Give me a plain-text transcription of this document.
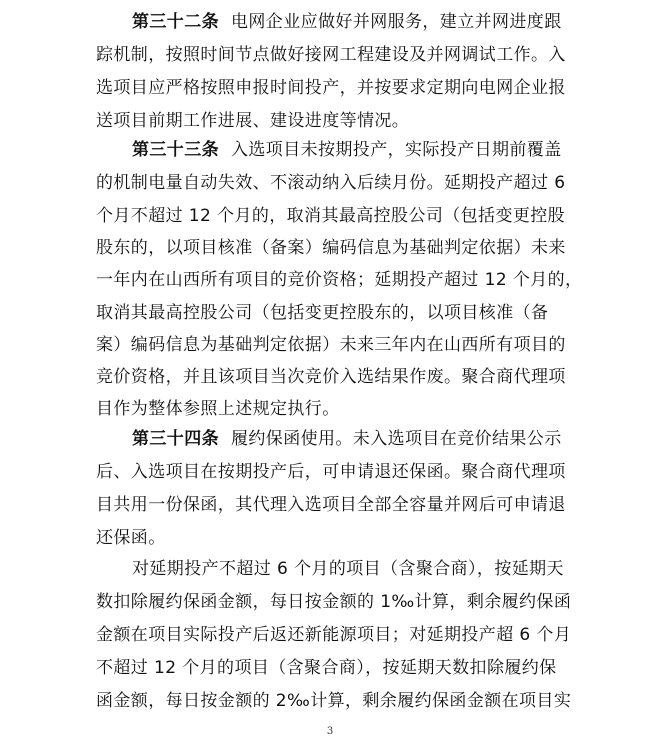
第三十二条 电网企业应做好并网服务，建立并网进度跟
踪机制，按照时间节点做好接网工程建设及并网调试工作。入
选项目应严格按照申报时间投产，并按要求定期向电网企业报
送项目前期工作进展、建设进度等情况。
第三十三条 入选项目未按期投产，实际投产日期前覆盖
的机制电量自动失效、不滚动纳入后续月份。延期投产超过 6
个月不超过 12 个月的，取消其最高控股公司（包括变更控股
股东的，以项目核准（备案）编码信息为基础判定依据）未来
一年内在山西所有项目的竞价资格；延期投产超过 12 个月的，
取消其最高控股公司（包括变更控股东的，以项目核准（备
案）编码信息为基础判定依据）未来三年内在山西所有项目的
竞价资格，并且该项目当次竞价入选结果作废。聚合商代理项
目作为整体参照上述规定执行。
第三十四条 履约保函使用。未入选项目在竞价结果公示
后、入选项目在按期投产后，可申请退还保函。聚合商代理项
目共用一份保函，其代理入选项目全部全容量并网后可申请退
还保函。
对延期投产不超过 6 个月的项目（含聚合商），按延期天
数扣除履约保函金额，每日按金额的 1‰计算，剩余履约保函
金额在项目实际投产后返还新能源项目；对延期投产超 6 个月
不超过 12 个月的项目（含聚合商），按延期天数扣除履约保
函金额，每日按金额的 2‰计算，剩余履约保函金额在项目实
3
